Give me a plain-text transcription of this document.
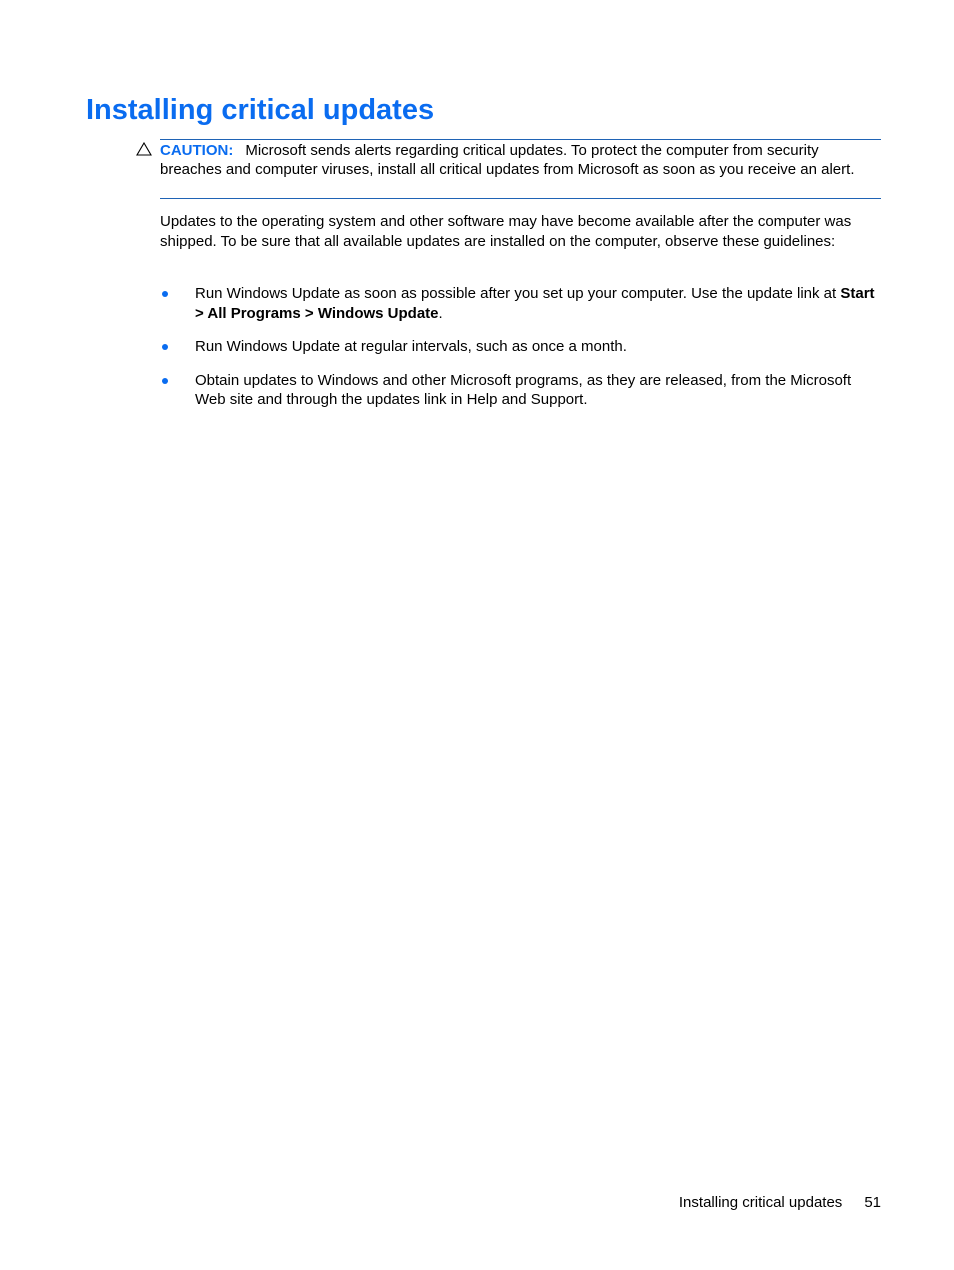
Installing critical updates
CAUTION: Microsoft sends alerts regarding critical updates. To protect the computer from security breaches and computer viruses, install all critical updates from Microsoft as soon as you receive an alert.

Updates to the operating system and other software may have become available after the computer was shipped. To be sure that all available updates are installed on the computer, observe these guidelines:

Run Windows Update as soon as possible after you set up your computer. Use the update link at Start > All Programs > Windows Update.
Run Windows Update at regular intervals, such as once a month.
Obtain updates to Windows and other Microsoft programs, as they are released, from the Microsoft Web site and through the updates link in Help and Support.
Installing critical updates 51
